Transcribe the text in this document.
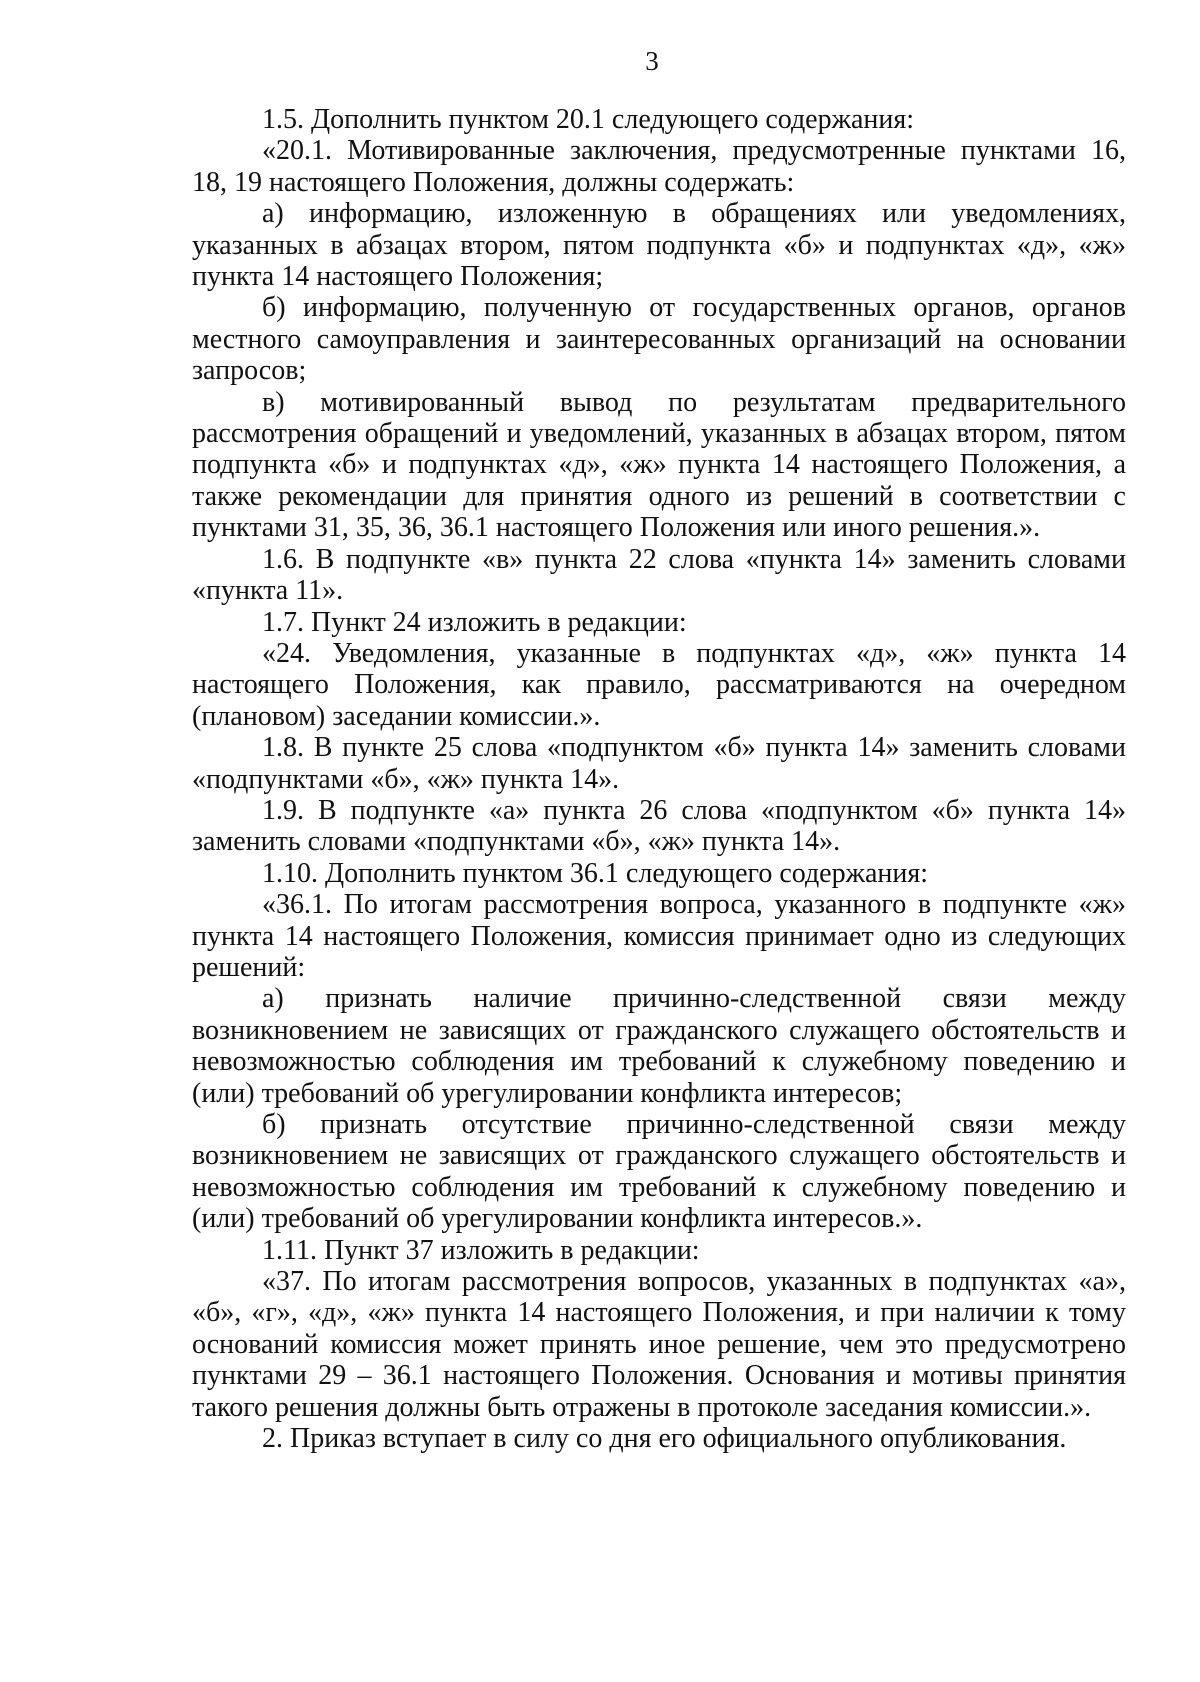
3

1.5. Дополнить пунктом 20.1 следующего содержания:

«20.1. Мотивированные заключения, предусмотренные пунктами 16, 18, 19 настоящего Положения, должны содержать:

а) информацию, изложенную в обращениях или уведомлениях, указанных в абзацах втором, пятом подпункта «б» и подпунктах «д», «ж» пункта 14 настоящего Положения;

б) информацию, полученную от государственных органов, органов местного самоуправления и заинтересованных организаций на основании запросов;

в) мотивированный вывод по результатам предварительного рассмотрения обращений и уведомлений, указанных в абзацах втором, пятом подпункта «б» и подпунктах «д», «ж» пункта 14 настоящего Положения, а также рекомендации для принятия одного из решений в соответствии с пунктами 31, 35, 36, 36.1 настоящего Положения или иного решения.».

1.6. В подпункте «в» пункта 22 слова «пункта 14» заменить словами «пункта 11».

1.7. Пункт 24 изложить в редакции:

«24. Уведомления, указанные в подпунктах «д», «ж» пункта 14 настоящего Положения, как правило, рассматриваются на очередном (плановом) заседании комиссии.».

1.8. В пункте 25 слова «подпунктом «б» пункта 14» заменить словами «подпунктами «б», «ж» пункта 14».

1.9. В подпункте «а» пункта 26 слова «подпунктом «б» пункта 14» заменить словами «подпунктами «б», «ж» пункта 14».

1.10. Дополнить пунктом 36.1 следующего содержания:

«36.1. По итогам рассмотрения вопроса, указанного в подпункте «ж» пункта 14 настоящего Положения, комиссия принимает одно из следующих решений:

а) признать наличие причинно-следственной связи между возникновением не зависящих от гражданского служащего обстоятельств и невозможностью соблюдения им требований к служебному поведению и (или) требований об урегулировании конфликта интересов;

б) признать отсутствие причинно-следственной связи между возникновением не зависящих от гражданского служащего обстоятельств и невозможностью соблюдения им требований к служебному поведению и (или) требований об урегулировании конфликта интересов.».

1.11. Пункт 37 изложить в редакции:

«37. По итогам рассмотрения вопросов, указанных в подпунктах «а», «б», «г», «д», «ж» пункта 14 настоящего Положения, и при наличии к тому оснований комиссия может принять иное решение, чем это предусмотрено пунктами 29 – 36.1 настоящего Положения. Основания и мотивы принятия такого решения должны быть отражены в протоколе заседания комиссии.».

2. Приказ вступает в силу со дня его официального опубликования.
